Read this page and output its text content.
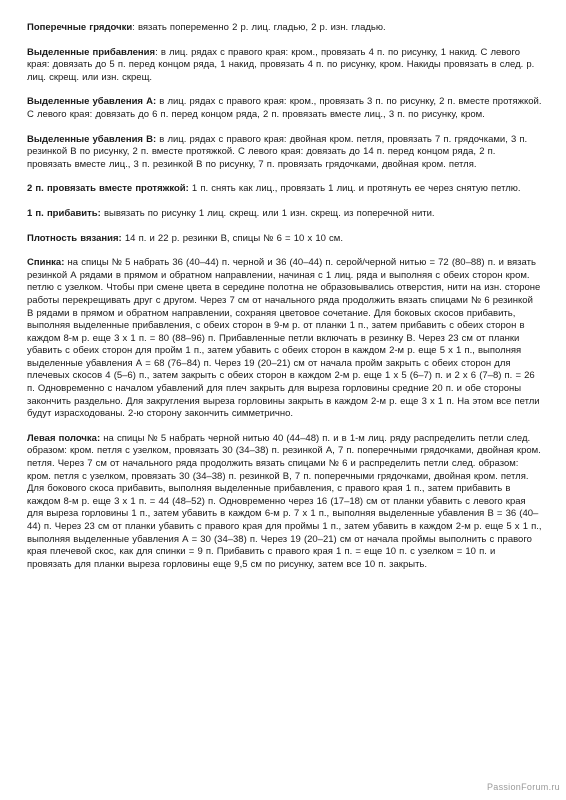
Поперечные грядочки: вязать попеременно 2 р. лиц. гладью, 2 р. изн. гладью.

Выделенные прибавления: в лиц. рядах с правого края: кром., провязать 4 п. по рисунку, 1 накид. С левого края: довязать до 5 п. перед концом ряда, 1 накид, провязать 4 п. по рисунку, кром. Накиды провязать в след. р. лиц. скрещ. или изн. скрещ.

Выделенные убавления А: в лиц. рядах с правого края: кром., провязать 3 п. по рисунку, 2 п. вместе протяжкой. С левого края: довязать до 6 п. перед концом ряда, 2 п. провязать вместе лиц., 3 п. по рисунку, кром.

Выделенные убавления В: в лиц. рядах с правого края: двойная кром. петля, провязать 7 п. грядочками, 3 п. резинкой В по рисунку, 2 п. вместе протяжкой. С левого края: довязать до 14 п. перед концом ряда, 2 п. провязать вместе лиц., 3 п. резинкой В по рисунку, 7 п. провязать грядочками, двойная кром. петля.

2 п. провязать вместе протяжкой: 1 п. снять как лиц., провязать 1 лиц. и протянуть ее через снятую петлю.

1 п. прибавить: вывязать по рисунку 1 лиц. скрещ. или 1 изн. скрещ. из поперечной нити.

Плотность вязания: 14 п. и 22 р. резинки В, спицы № 6 = 10 х 10 см.

Спинка: на спицы № 5 набрать 36 (40–44) п. черной и 36 (40–44) п. серой/черной нитью = 72 (80–88) п. и вязать резинкой А рядами в прямом и обратном направлении, начиная с 1 лиц. ряда и выполняя с обеих сторон кром. петлю с узелком. Чтобы при смене цвета в середине полотна не образовывались отверстия, нити на изн. стороне работы перекрещивать друг с другом. Через 7 см от начального ряда продолжить вязать спицами № 6 резинкой В рядами в прямом и обратном направлении, сохраняя цветовое сочетание. Для боковых скосов прибавить, выполняя выделенные прибавления, с обеих сторон в 9-м р. от планки 1 п., затем прибавить с обеих сторон в каждом 8-м р. еще 3 х 1 п. = 80 (88–96) п. Прибавленные петли включать в резинку В. Через 23 см от планки убавить с обеих сторон для пройм 1 п., затем убавить с обеих сторон в каждом 2-м р. еще 5 х 1 п., выполняя выделенные убавления А = 68 (76–84) п. Через 19 (20–21) см от начала пройм закрыть с обеих сторон для плечевых скосов 4 (5–6) п., затем закрыть с обеих сторон в каждом 2-м р. еще 1 х 5 (6–7) п. и 2 х 6 (7–8) п. = 26 п. Одновременно с началом убавлений для плеч закрыть для выреза горловины средние 20 п. и обе стороны закончить раздельно. Для закругления выреза горловины закрыть в каждом 2-м р. еще 3 х 1 п. На этом все петли будут израсходованы. 2-ю сторону закончить симметрично.

Левая полочка: на спицы № 5 набрать черной нитью 40 (44–48) п. и в 1-м лиц. ряду распределить петли след. образом: кром. петля с узелком, провязать 30 (34–38) п. резинкой А, 7 п. поперечными грядочками, двойная кром. петля. Через 7 см от начального ряда продолжить вязать спицами № 6 и распределить петли след. образом: кром. петля с узелком, провязать 30 (34–38) п. резинкой В, 7 п. поперечными грядочками, двойная кром. петля. Для бокового скоса прибавить, выполняя выделенные прибавления, с правого края 1 п., затем прибавить в каждом 8-м р. еще 3 х 1 п. = 44 (48–52) п. Одновременно через 16 (17–18) см от планки убавить с левого края для выреза горловины 1 п., затем убавить в каждом 6-м р. 7 х 1 п., выполняя выделенные убавления В = 36 (40–44) п. Через 23 см от планки убавить с правого края для проймы 1 п., затем убавить в каждом 2-м р. еще 5 х 1 п., выполняя выделенные убавления А = 30 (34–38) п. Через 19 (20–21) см от начала проймы выполнить с правого края плечевой скос, как для спинки = 9 п. Прибавить с правого края 1 п. = еще 10 п. с узелком = 10 п. и провязать для планки выреза горловины еще 9,5 см по рисунку, затем все 10 п. закрыть.

PassionForum.ru
